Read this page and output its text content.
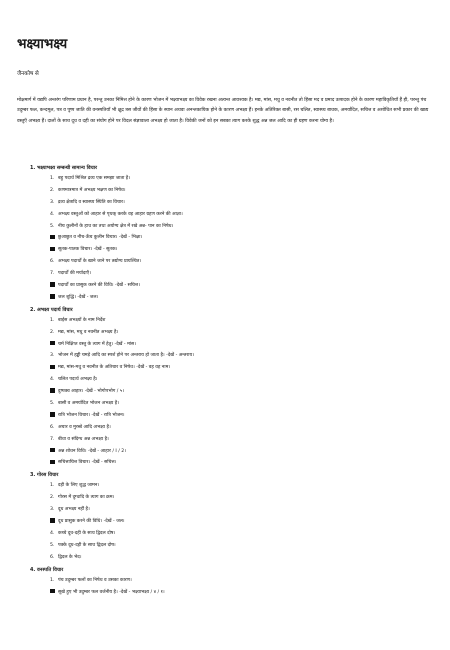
भक्ष्याभक्ष्य
जैनकोष से

मोक्षमार्ग में यद्यपि अन्तरंग परिणाम प्रधान है, परन्तु उनका निमित्त होने के कारण भोजन में भक्ष्याभक्ष्य का विवेक रखना अत्यन्त आवश्यक है। मद्य, मांस, मधु व नवनीत तो हिंसा मद व प्रमाद उत्पादक होने के कारण महाविकृतियाँ हैं ही, परन्तु पंच उदुम्बर फल, कन्दमूल, पत्र व पुष्प जाति की वनस्पतियाँ भी क्षुद्र त्रस जीवों की हिंसा के स्थान अथवा अनन्तकायिक होने के कारण अभक्ष्य हैं। इनके अतिरिक्त बासी, रस चलित, स्वास्थ्य बाधक, अमर्यादित, सचित्त व अशोधित सभी प्रकार की खाद्य वस्तुएँ अभक्ष्य हैं। दालों के साथ दूध व दही का संयोग होने पर विदल संज्ञावाला अभक्ष्य हो जाता है। विवेकी जनों को इन सबका त्याग करके शुद्ध अन्न जल आदि का ही ग्रहण करना योग्य है।

1. भक्ष्याभक्ष्य सम्बन्धी सामान्य विचार
1. बहु पदार्थ मिश्रित द्रव्य एक समझा जाता है।
2. कणमात्रमात्र में अभक्ष्य भक्षण का निषेध।
3. द्रव्य क्षेत्रादि व स्वास्थ्य स्थिति का विचार।
4. अभक्ष्य वस्तुओं को आहार से पृथक् करके वह आहार ग्रहण करने की आज्ञा।
5. नीच कुलीनों के हाथ का तथा अयोग्य क्षेत्र में रखे अन्न- पान का निषेध।
छुआछूत व नीच-ऊँच कुलीन विचार। -देखें - भिक्षा।
सूतक-पातक विचार। -देखें - सूतक।
6. अभक्ष्य पदार्थों के खाने जाने पर तद्योग्य प्रायश्चित।
7. पदार्थों की मर्यादाएँ।
पदार्थों का प्रासुक करने की विधि। -देखें - सचित्त।
जल शुद्धि। -देखें - जल।
2. अभक्ष्य पदार्थ विचार
1. बाईस अभक्ष्यों के नाम निर्देश
2. मद्य, मांस, मधु व नवनीत अभक्ष्य है।
चर्म निक्षिप्त वस्तु के त्याग में हेतु। -देखें - मांस।
3. भोजन में हड्डी चमड़े आदि का स्पर्श होने पर अन्तराय हो जाता है। -देखें - अन्तराय।
मद्य, मांस-मधु व नवनीत के अतिचार व निषेध। -देखें - वह वह नाम।
4. चलित पदार्थ अभक्ष्य है।
दुष्पक्व आहार। -देखें - भोगोपभोग / ५।
5. बासी व अमर्यादित भोजन अभक्ष्य है।
रात्रि भोजन विचार। -देखें - रात्रि भोजन।
6. अचार व मुरब्बे आदि अभक्ष्य है।
7. बीधा व संदिग्ध अन्न अभक्ष्य है।
अन्न शोधन विधि। -देखें - आहार / I / 2।
सचित्ताचित्त विचार। -देखें - सचित्त।
3. गोरस विचार
1. दही के लिए शुद्ध जामन।
2. गोरस में दुग्धादि के त्याग का क्रम।
3. दूध अभक्ष्य नहीं है।
दूध प्रासुक करने की विधि। -देखें - जल।
4. कच्चे दूध-दही के साथ द्विदल दोष।
5. पक्के दूध-दही के साथ द्विदल दोष।
6. द्विदल के भेद।
4. वनस्पति विचार
1. पंच उदुम्बर फलों का निषेध व उसका कारण।
सूखे हुए भी उदुम्बर फल वर्जनीय है। -देखें - भक्ष्याभक्ष्य / ४ / १।
